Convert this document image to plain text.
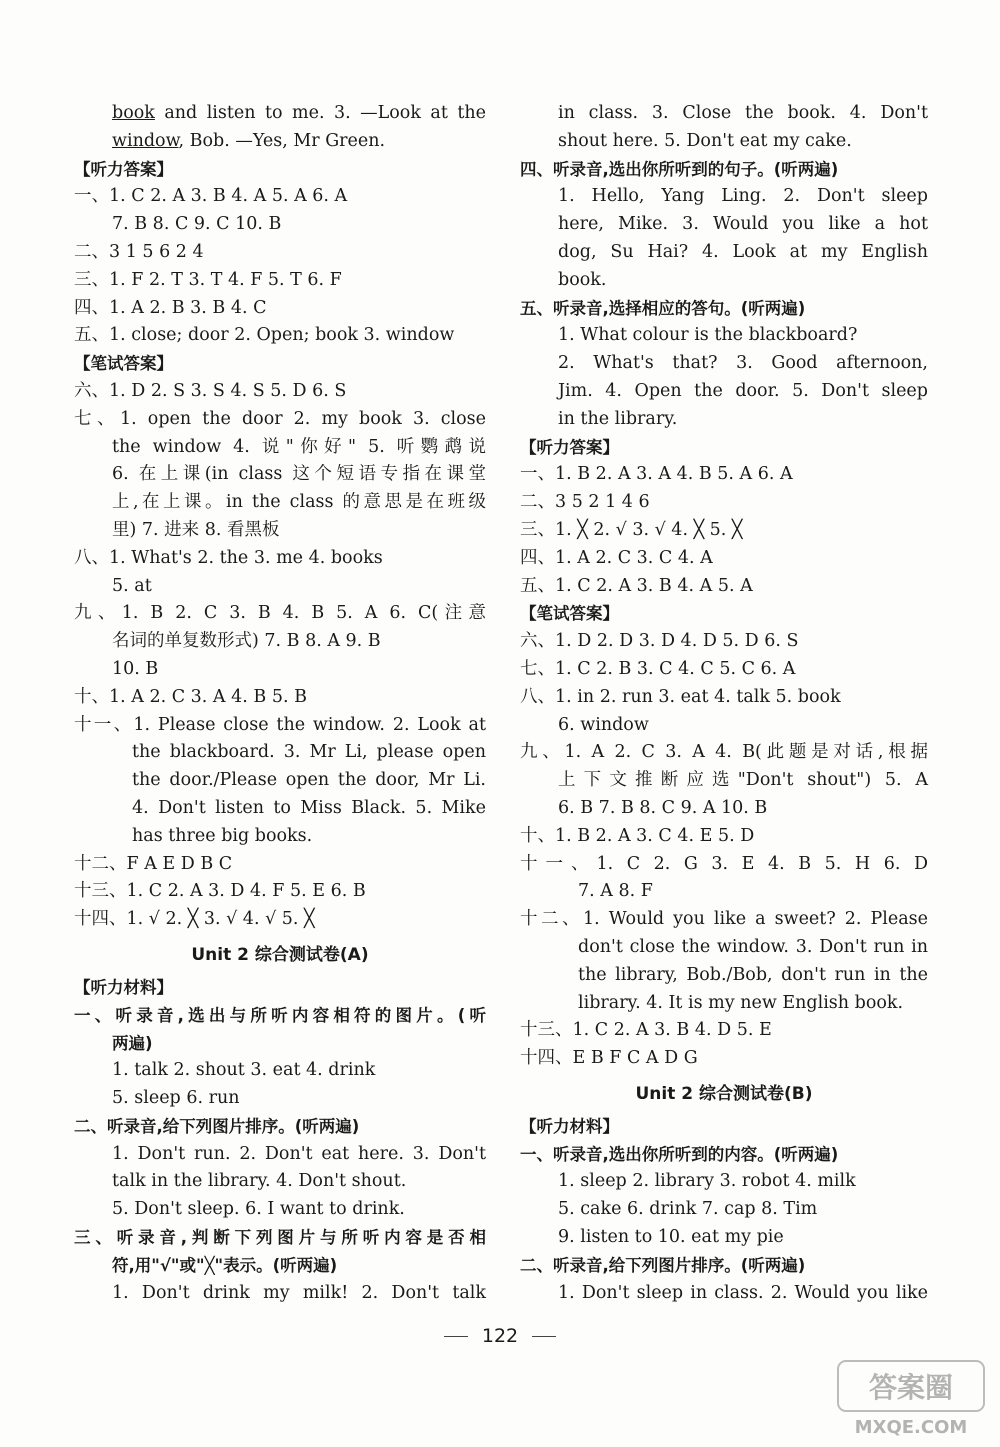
book and listen to me. 3. —Look at the
window, Bob. —Yes, Mr Green.
【听力答案】
一、1. C 2. A 3. B 4. A 5. A 6. A
7. B 8. C 9. C 10. B
二、3 1 5 6 2 4
三、1. F 2. T 3. T 4. F 5. T 6. F
四、1. A 2. B 3. B 4. C
五、1. close; door 2. Open; book 3. window
【笔试答案】
六、1. D 2. S 3. S 4. S 5. D 6. S
七、1. open the door 2. my book 3. close
the window 4. 说"你好" 5. 听鹦鹉说
6. 在上课(in class 这个短语专指在课堂
上,在上课。in the class 的意思是在班级
里) 7. 进来 8. 看黑板
八、1. What's 2. the 3. me 4. books
5. at
九、1. B 2. C 3. B 4. B 5. A 6. C(注意
名词的单复数形式) 7. B 8. A 9. B
10. B
十、1. A 2. C 3. A 4. B 5. B
十一、1. Please close the window. 2. Look at
the blackboard. 3. Mr Li, please open
the door./Please open the door, Mr Li.
4. Don't listen to Miss Black. 5. Mike
has three big books.
十二、F A E D B C
十三、1. C 2. A 3. D 4. F 5. E 6. B
十四、1. √ 2. ╳ 3. √ 4. √ 5. ╳
Unit 2 综合测试卷(A)
【听力材料】
一、听录音,选出与所听内容相符的图片。(听
两遍)
1. talk 2. shout 3. eat 4. drink
5. sleep 6. run
二、听录音,给下列图片排序。(听两遍)
1. Don't run. 2. Don't eat here. 3. Don't
talk in the library. 4. Don't shout.
5. Don't sleep. 6. I want to drink.
三、听录音,判断下列图片与所听内容是否相
符,用"√"或"╳"表示。(听两遍)
1. Don't drink my milk! 2. Don't talk
in class. 3. Close the book. 4. Don't
shout here. 5. Don't eat my cake.
四、听录音,选出你所听到的句子。(听两遍)
1. Hello, Yang Ling. 2. Don't sleep
here, Mike. 3. Would you like a hot
dog, Su Hai? 4. Look at my English
book.
五、听录音,选择相应的答句。(听两遍)
1. What colour is the blackboard?
2. What's that? 3. Good afternoon,
Jim. 4. Open the door. 5. Don't sleep
in the library.
【听力答案】
一、1. B 2. A 3. A 4. B 5. A 6. A
二、3 5 2 1 4 6
三、1. ╳ 2. √ 3. √ 4. ╳ 5. ╳
四、1. A 2. C 3. C 4. A
五、1. C 2. A 3. B 4. A 5. A
【笔试答案】
六、1. D 2. D 3. D 4. D 5. D 6. S
七、1. C 2. B 3. C 4. C 5. C 6. A
八、1. in 2. run 3. eat 4. talk 5. book
6. window
九、1. A 2. C 3. A 4. B(此题是对话,根据
上下文推断应选"Don't shout") 5. A
6. B 7. B 8. C 9. A 10. B
十、1. B 2. A 3. C 4. E 5. D
十一、1. C 2. G 3. E 4. B 5. H 6. D
7. A 8. F
十二、1. Would you like a sweet? 2. Please
don't close the window. 3. Don't run in
the library, Bob./Bob, don't run in the
library. 4. It is my new English book.
十三、1. C 2. A 3. B 4. D 5. E
十四、E B F C A D G
Unit 2 综合测试卷(B)
【听力材料】
一、听录音,选出你所听到的内容。(听两遍)
1. sleep 2. library 3. robot 4. milk
5. cake 6. drink 7. cap 8. Tim
9. listen to 10. eat my pie
二、听录音,给下列图片排序。(听两遍)
1. Don't sleep in class. 2. Would you like
122
答案圈
MXQE.COM
